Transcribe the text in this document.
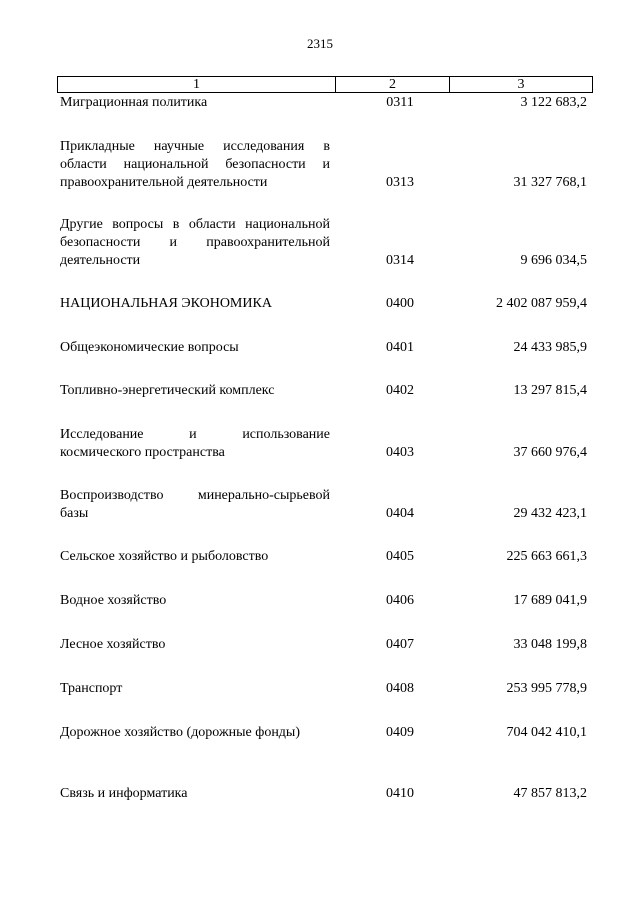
2315
1	2	3
Миграционная политика	0311	3 122 683,2
Прикладные научные исследования в области национальной безопасности и правоохранительной деятельности	0313	31 327 768,1
Другие вопросы в области национальной безопасности и правоохранительной деятельности	0314	9 696 034,5
НАЦИОНАЛЬНАЯ ЭКОНОМИКА	0400	2 402 087 959,4
Общеэкономические вопросы	0401	24 433 985,9
Топливно-энергетический комплекс	0402	13 297 815,4
Исследование и использование космического пространства	0403	37 660 976,4
Воспроизводство минерально-сырьевой базы	0404	29 432 423,1
Сельское хозяйство и рыболовство	0405	225 663 661,3
Водное хозяйство	0406	17 689 041,9
Лесное хозяйство	0407	33 048 199,8
Транспорт	0408	253 995 778,9
Дорожное хозяйство (дорожные фонды)	0409	704 042 410,1
Связь и информатика	0410	47 857 813,2
